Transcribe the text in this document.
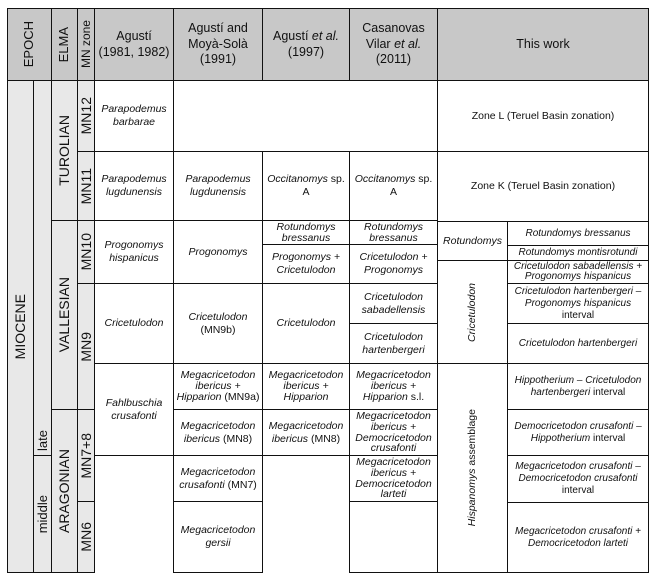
EPOCH ELMA MN zone	Agustí (1981, 1982)
Agustí and Moyà-Solà (1991)
Agustí et al. (1997)
Casanovas Vilar et al. (2011)
This work
MIOCENE
late
middle
TUROLIAN
VALLESIAN
ARAGONIAN
MN12
MN11
MN10
MN9
MN7+8
MN6
Parapodemus barbarae
Parapodemus lugdunensis
Progonomys hispanicus
Cricetulodon
Fahlbuschia crusafonti
Parapodemus lugdunensis
Progonomys
Cricetulodon (MN9b)
Megacricetodon ibericus + Hipparion (MN9a)
Megacricetodon ibericus (MN8)
Megacricetodon crusafonti (MN7)
Megacricetodon gersii
Occitanomys sp. A
Rotundomys bressanus
Progonomys + Cricetulodon
Cricetulodon
Megacricetodon ibericus + Hipparion
Megacricetodon ibericus (MN8)
Occitanomys sp. A
Rotundomys bressanus
Cricetulodon + Progonomys
Cricetulodon sabadellensis
Cricetulodon hartenbergeri
Megacricetodon ibericus + Hipparion s.l.
Megacricetodon ibericus + Democricetodon crusafonti
Megacricetodon ibericus + Democricetodon larteti
Zone L (Teruel Basin zonation)
Zone K (Teruel Basin zonation)
Rotundomys
Cricetulodon
Hispanomys assemblage
Rotundomys bressanus
Rotundomys montisrotundi
Cricetulodon sabadellensis + Progonomys hispanicus
Cricetulodon hartenbergeri – Progonomys hispanicus interval
Cricetulodon hartenbergeri
Hippotherium – Cricetulodon hartenbergeri interval
Democricetodon crusafonti – Hippotherium interval
Megacricetodon crusafonti – Democricetodon crusafonti interval
Megacricetodon crusafonti + Democricetodon larteti
